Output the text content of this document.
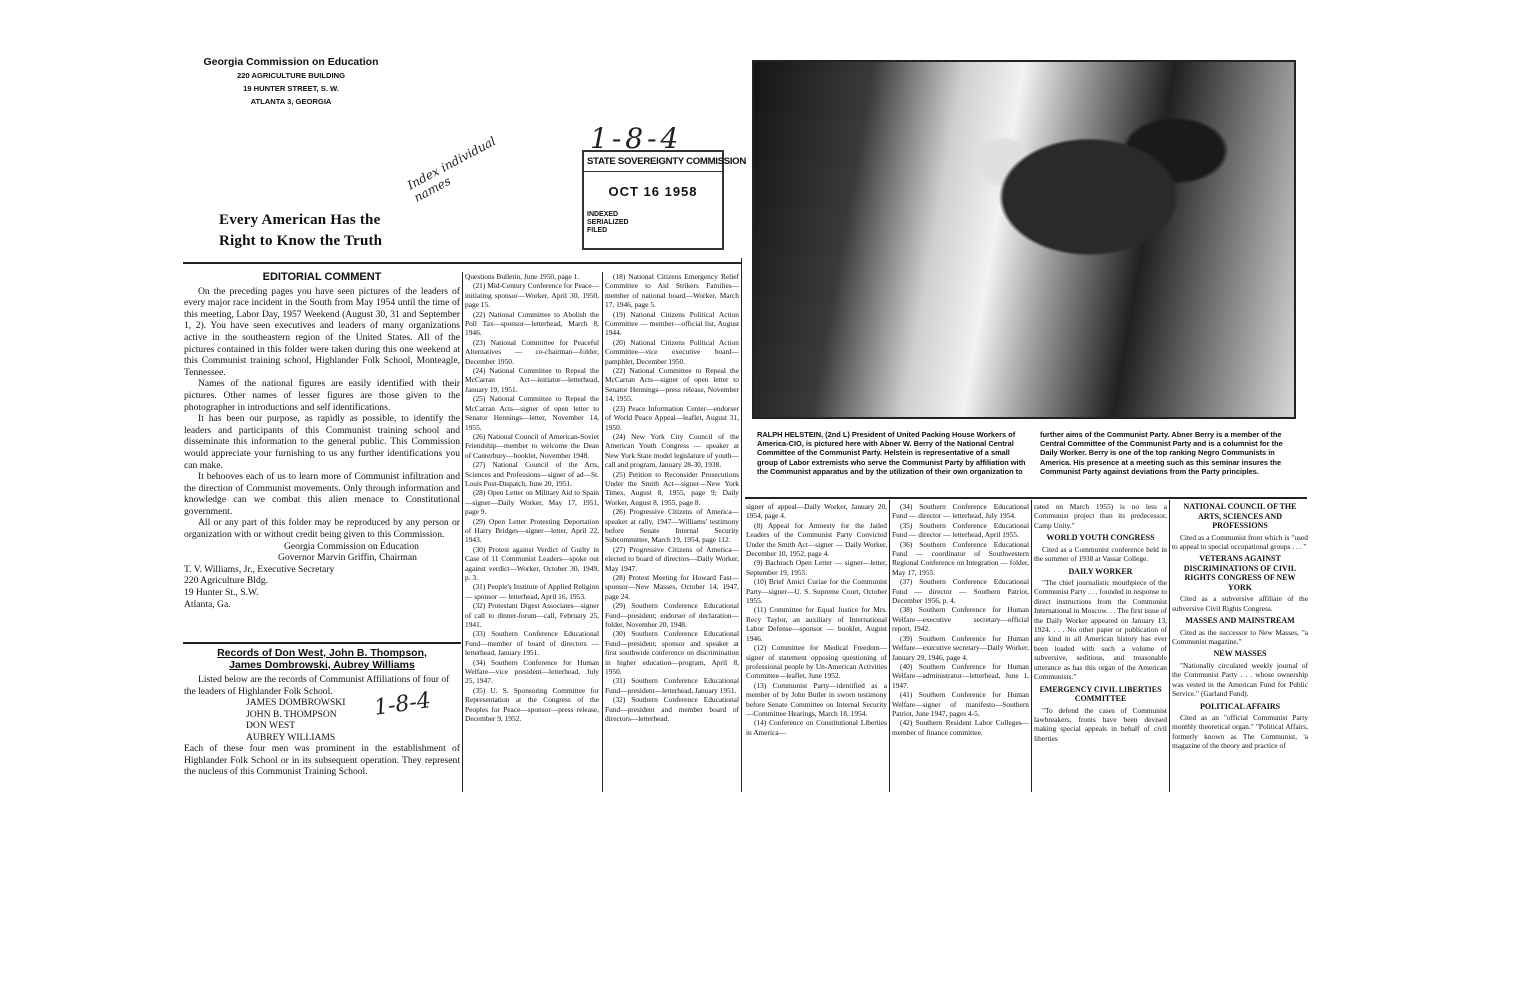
Georgia Commission on Education
220 AGRICULTURE BUILDING
19 HUNTER STREET, S. W.
ATLANTA 3, GEORGIA
Every American Has the
Right to Know the Truth
Index individual names
1-8-4
STATE SOVEREIGNTY COMMISSION
OCT 16 1958
INDEXED
SERIALIZED
FILED
EDITORIAL COMMENT

On the preceding pages you have seen pictures of the leaders of every major race incident in the South from May 1954 until the time of this meeting, Labor Day, 1957 Weekend (August 30, 31 and September 1, 2). You have seen executives and leaders of many organizations active in the southeastern region of the United States. All of the pictures contained in this folder were taken during this one weekend at this Communist training school, Highlander Folk School, Monteagle, Tennessee.

Names of the national figures are easily identified with their pictures. Other names of lesser figures are those given to the photographer in introductions and self identifications.

It has been our purpose, as rapidly as possible, to identify the leaders and participants of this Communist training school and disseminate this information to the general public. This Commission would appreciate your furnishing to us any further identifications you can make.

It behooves each of us to learn more of Communist infiltration and the direction of Communist movements. Only through information and knowledge can we combat this alien menace to Constitutional government.

All or any part of this folder may be reproduced by any person or organization with or without credit being given to this Commission.

Georgia Commission on Education
Governor Marvin Griffin, Chairman
T. V. Williams, Jr., Executive Secretary
220 Agriculture Bldg.
19 Hunter St., S.W.
Atlanta, Ga.
Records of Don West, John B. Thompson,
James Dombrowski, Aubrey Williams
Listed below are the records of Communist Affiliations of four of the leaders of Highlander Folk School.
JAMES DOMBROWSKI
JOHN B. THOMPSON
DON WEST
AUBREY WILLIAMS
1-8-4
Each of these four men was prominent in the establishment of Highlander Folk School or in its subsequent operation. They represent the nucleus of this Communist Training School.

Questions Bulletin, June 1950, page 1.

(21) Mid-Century Conference for Peace—initiating sponsor—Worker, April 30, 1950, page 15.

(22) National Committee to Abolish the Poll Tax—sponsor—letterhead, March 8, 1946.

(23) National Committee for Peaceful Alternatives — co-chairman—folder, December 1950.

(24) National Committee to Repeal the McCarran Act—initiator—letterhead, January 19, 1951.

(25) National Committee to Repeal the McCarran Acts—signer of open letter to Senator Hennings—letter, November 14, 1955.

(26) National Council of American-Soviet Friendship—member to welcome the Dean of Canterbury—booklet, November 1948.

(27) National Council of the Arts, Sciences and Professions—signer of ad—St. Louis Post-Dispatch, June 20, 1951.

(28) Open Letter on Military Aid to Spain—signer—Daily Worker, May 17, 1951, page 9.

(29) Open Letter Protesting Deportation of Harry Bridges—signer—letter, April 22, 1943.

(30) Protest against Verdict of Guilty in Case of 11 Communist Leaders—spoke out against verdict—Worker, October 30, 1949, p. 3.

(31) People's Institute of Applied Religion — sponsor — letterhead, April 16, 1953.

(32) Protestant Digest Associates—signer of call to dinner-forum—call, February 25, 1941.

(33) Southern Conference Educational Fund—member of board of directors — letterhead, January 1951.

(34) Southern Conference for Human Welfare—vice president—letterhead, July 25, 1947.

(35) U. S. Sponsoring Committee for Representation at the Congress of the Peoples for Peace—sponsor—press release, December 9, 1952.

(18) National Citizens Emergency Relief Committee to Aid Strikers Families—member of national board—Worker, March 17, 1946, page 5.

(19) National Citizens Political Action Committee — member—official list, August 1944.

(20) National Citizens Political Action Committee—vice executive board—pamphlet, December 1950.

(22) National Committee to Repeal the McCarran Acts—signer of open letter to Senator Hennings—press release, November 14, 1955.

(23) Peace Information Center—endorser of World Peace Appeal—leaflet, August 31, 1950.

(24) New York City Council of the American Youth Congress — speaker at New York State model legislature of youth—call and program, January 28-30, 1938.

(25) Petition to Reconsider Prosecutions Under the Smith Act—signer—New York Times, August 8, 1955, page 9; Daily Worker, August 8, 1955, page 8.

(26) Progressive Citizens of America—speaker at rally, 1947—Williams' testimony before Senate Internal Security Subcommittee, March 19, 1954, page 112.

(27) Progressive Citizens of America—elected to board of directors—Daily Worker, May 1947.

(28) Protest Meeting for Howard Fast—sponsor—New Masses, October 14, 1947, page 24.

(29) Southern Conference Educational Fund—president; endorser of declaration—folder, November 20, 1948.

(30) Southern Conference Educational Fund—president; sponsor and speaker at first southwide conference on discrimination in higher education—program, April 8, 1950.

(31) Southern Conference Educational Fund—president—letterhead, January 1951.

(32) Southern Conference Educational Fund—president and member board of directors—letterhead.

RALPH HELSTEIN, (2nd L) President of United Packing House Workers of America-CIO, is pictured here with Abner W. Berry of the National Central Committee of the Communist Party. Helstein is representative of a small group of Labor extremists who serve the Communist Party by affiliation with the Communist apparatus and by the utilization of their own organization to
further aims of the Communist Party. Abner Berry is a member of the Central Committee of the Communist Party and is a columnist for the Daily Worker. Berry is one of the top ranking Negro Communists in America. His presence at a meeting such as this seminar insures the Communist Party against deviations from the Party principles.

signer of appeal—Daily Worker, January 20, 1954, page 4.

(8) Appeal for Amnesty for the Jailed Leaders of the Communist Party Convicted Under the Smith Act—signer — Daily Worker, December 10, 1952, page 4.

(9) Bachrach Open Letter — signer—letter, September 19, 1955.

(10) Brief Amici Curiae for the Communist Party—signer—U. S. Supreme Court, October 1955.

(11) Committee for Equal Justice for Mrs. Recy Taylor, an auxiliary of International Labor Defense—sponsor — booklet, August 1946.

(12) Committee for Medical Freedom—signer of statement opposing questioning of professional people by Un-American Activities Committee—leaflet, June 1952.

(13) Communist Party—identified as a member of by John Butler in sworn testimony before Senate Committee on Internal Security—Committee Hearings, March 18, 1954.

(14) Conference on Constitutional Liberties in America—

(34) Southern Conference Educational Fund — director — letterhead, July 1954.

(35) Southern Conference Educational Fund — director — letterhead, April 1955.

(36) Southern Conference Educational Fund — coordinator of Southwestern Regional Conference on Integration — folder, May 17, 1955.

(37) Southern Conference Educational Fund — director — Southern Patriot, December 1956, p. 4.

(38) Southern Conference for Human Welfare—executive secretary—official report, 1942.

(39) Southern Conference for Human Welfare—executive secretary—Daily Worker, January 29, 1946, page 4.

(40) Southern Conference for Human Welfare—administrator—letterhead, June 1, 1947.

(41) Southern Conference for Human Welfare—signer of manifesto—Southern Patriot, June 1947, pages 4-5.

(42) Southern Resident Labor Colleges—member of finance committee.

rated on March 1955) is no less a Communist project than its predecessor, Camp Unity."

WORLD YOUTH CONGRESS

Cited as a Communist conference held in the summer of 1938 at Vassar College.

DAILY WORKER

"The chief journalistic mouthpiece of the Communist Party . . . founded in response to direct instructions from the Communist International in Moscow. . . The first issue of the Daily Worker appeared on January 13, 1924. . . . No other paper or publication of any kind in all American history has ever been loaded with such a volume of subversive, seditious, and treasonable utterance as has this organ of the American Communists."

EMERGENCY CIVIL LIBERTIES COMMITTEE

"To defend the cases of Communist lawbreakers, fronts have been devised making special appeals in behalf of civil liberties

NATIONAL COUNCIL OF THE ARTS, SCIENCES AND PROFESSIONS

Cited as a Communist front which is "used to appeal to special occupational groups . . . "

VETERANS AGAINST DISCRIMINATIONS OF CIVIL RIGHTS CONGRESS OF NEW YORK

Cited as a subversive affiliate of the subversive Civil Rights Congress.

MASSES AND MAINSTREAM

Cited as the successor to New Masses, "a Communist magazine."

NEW MASSES

"Nationally circulated weekly journal of the Communist Party . . . whose ownership was vested in the American Fund for Public Service." (Garland Fund).

POLITICAL AFFAIRS

Cited as an "official Communist Party monthly theoretical organ." "Political Affairs, formerly known as The Communist, 'a magazine of the theory and practice of
